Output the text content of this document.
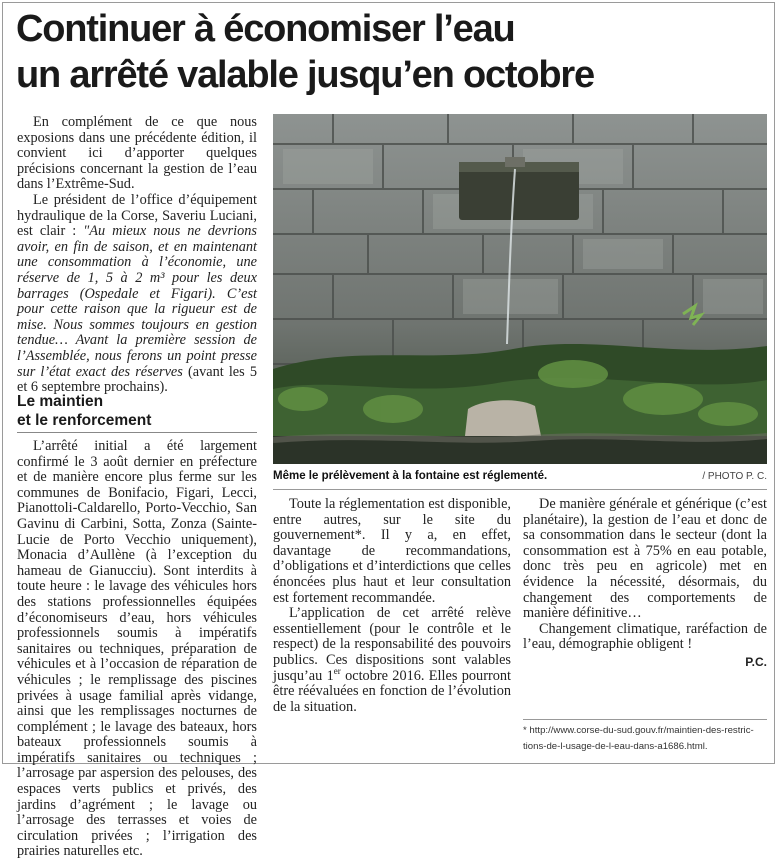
Continuer à économiser l’eau
un arrêté valable jusqu’en octobre

En complément de ce que nous exposions dans une précédente édition, il convient ici d’apporter quelques précisions concernant la gestion de l’eau dans l’Extrême-Sud.

Le président de l’office d’équipement hydraulique de la Corse, Saveriu Luciani, est clair : "Au mieux nous ne devrions avoir, en fin de saison, et en maintenant une consommation à l’économie, une réserve de 1, 5 à 2 m³ pour les deux barrages (Ospedale et Figari). C’est pour cette raison que la rigueur est de mise. Nous sommes toujours en gestion tendue… Avant la première session de l’Assemblée, nous ferons un point presse sur l’état exact des réserves (avant les 5 et 6 septembre prochains).

Le maintien
et le renforcement
Même le prélèvement à la fontaine est réglementé.	/ PHOTO P. C.

L’arrêté initial a été largement confirmé le 3 août dernier en préfecture et de manière encore plus ferme sur les communes de Bonifacio, Figari, Lecci, Pianottoli-Caldarello, Porto-Vecchio, San Gavinu di Carbini, Sotta, Zonza (Sainte-Lucie de Porto Vecchio uniquement), Monacia d’Aullène (à l’exception du hameau de Gianucciu). Sont interdits à toute heure : le lavage des véhicules hors des stations professionnelles équipées d’économiseurs d’eau, hors véhicules professionnels soumis à impératifs sanitaires ou techniques, préparation de véhicules et à l’occasion de réparation de véhicules ; le remplissage des piscines privées à usage familial après vidange, ainsi que les remplissages nocturnes de complément ; le lavage des bateaux, hors bateaux professionnels soumis à impératifs sanitaires ou techniques ; l’arrosage par aspersion des pelouses, des espaces verts publics et privés, des jardins d’agrément ; le lavage ou l’arrosage des terrasses et voies de circulation privées ; l’irrigation des prairies naturelles etc.

Toute la réglementation est disponible, entre autres, sur le site du gouvernement*. Il y a, en effet, davantage de recommandations, d’obligations et d’interdictions que celles énoncées plus haut et leur consultation est fortement recommandée.

L’application de cet arrêté relève essentiellement (pour le contrôle et le respect) de la responsabilité des pouvoirs publics. Ces dispositions sont valables jusqu’au 1er octobre 2016. Elles pourront être réévaluées en fonction de l’évolution de la situation.

De manière générale et générique (c’est planétaire), la gestion de l’eau et donc de sa consommation dans le secteur (dont la consommation est à 75% en eau potable, donc très peu en agricole) met en évidence la nécessité, désormais, du changement des comportements de manière définitive…

Changement climatique, raréfaction de l’eau, démographie obligent !

P.C.

* http://www.corse-du-sud.gouv.fr/maintien-des-restric-
tions-de-l-usage-de-l-eau-dans-a1686.html.
